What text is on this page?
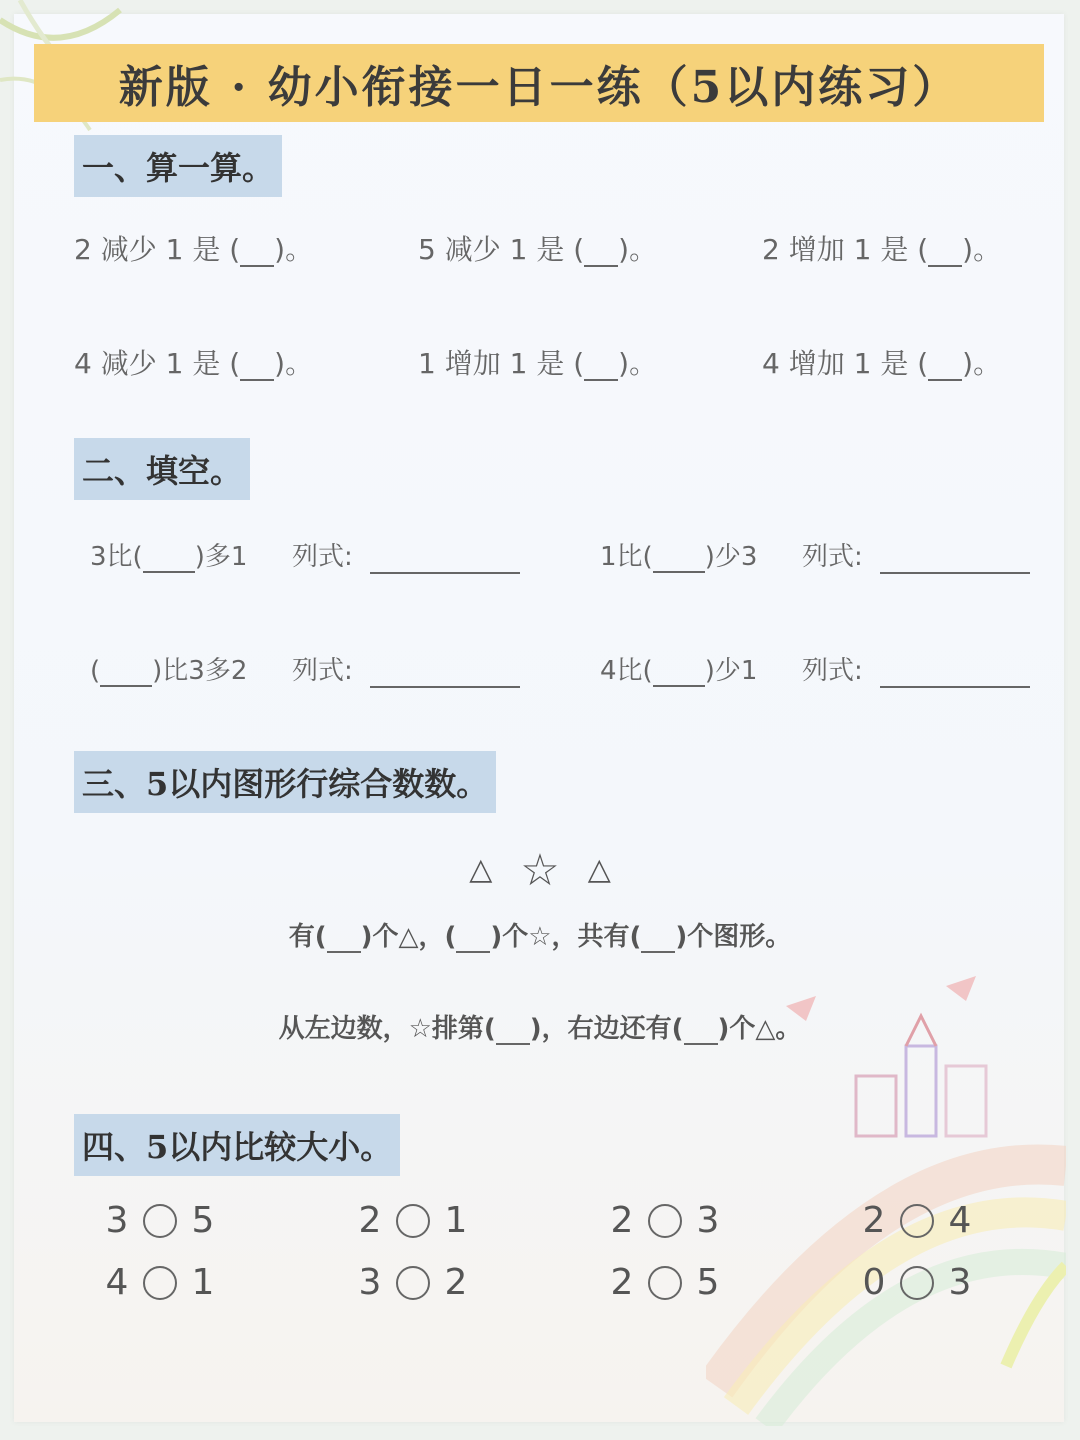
新版 · 幼小衔接一日一练（5以内练习）
一、算一算。
2 减少 1 是 ( )。	5 减少 1 是 ( )。	2 增加 1 是 ( )。
4 减少 1 是 ( )。	1 增加 1 是 ( )。	4 增加 1 是 ( )。
二、填空。
3比( )多1 列式:	1比( )少3 列式:
( )比3多2 列式:	4比( )少1 列式:
三、5以内图形行综合数数。
△ ☆ △
有( )个△，( )个☆，共有( )个图形。
从左边数，☆排第( )，右边还有( )个△。
四、5以内比较大小。
3 5	2 1	2 3	2 4
4 1	3 2	2 5	0 3
